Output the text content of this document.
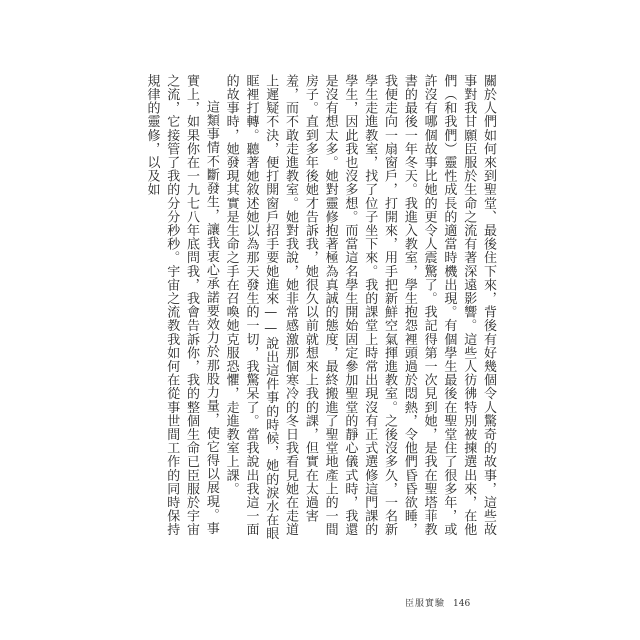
關於人們如何來到聖堂、最後住下來，背後有好幾個令人驚奇的故事，這些故事對我甘願臣服於生命之流有著深遠影響。這些人彷彿特別被揀選出來，在他們（和我們）靈性成長的適當時機出現。有個學生最後在聖堂住了很多年，或許沒有哪個故事比她的更令人震驚了。我記得第一次見到她，是我在聖塔菲教書的最後一年冬天。我進入教室，學生抱怨裡頭過於悶熱，令他們昏昏欲睡，我便走向一扇窗戶，打開來，用手把新鮮空氣揮進教室。之後沒多久，一名新學生走進教室，找了位子坐下來。我的課堂上時常出現沒有正式選修這門課的學生，因此我也沒多想。而當這名學生開始固定參加聖堂的靜心儀式時，我還是沒有想太多。她對靈修抱著極為真誠的態度，最終搬進了聖堂地產上的一間房子。直到多年後她才告訴我，她很久以前就想來上我的課，但實在太過害羞，而不敢走進教室。她對我說，她非常感激那個寒冷的冬日我看見她在走道上遲疑不決，便打開窗戶招手要她進來——說出這件事的時候，她的淚水在眼眶裡打轉。聽著她敘述她以為那天發生的一切，我驚呆了。當我說出我這一面的故事時，她發現其實是生命之手在召喚她克服恐懼，走進教室上課。

這類事情不斷發生，讓我衷心承諾要效力於那股力量，使它得以展現。事實上，如果你在一九七八年底問我，我會告訴你，我的整個生命已臣服於宇宙之流，它接管了我的分分秒秒。宇宙之流教我如何在從事世間工作的同時保持規律的靈修，以及如

臣服實驗 146
